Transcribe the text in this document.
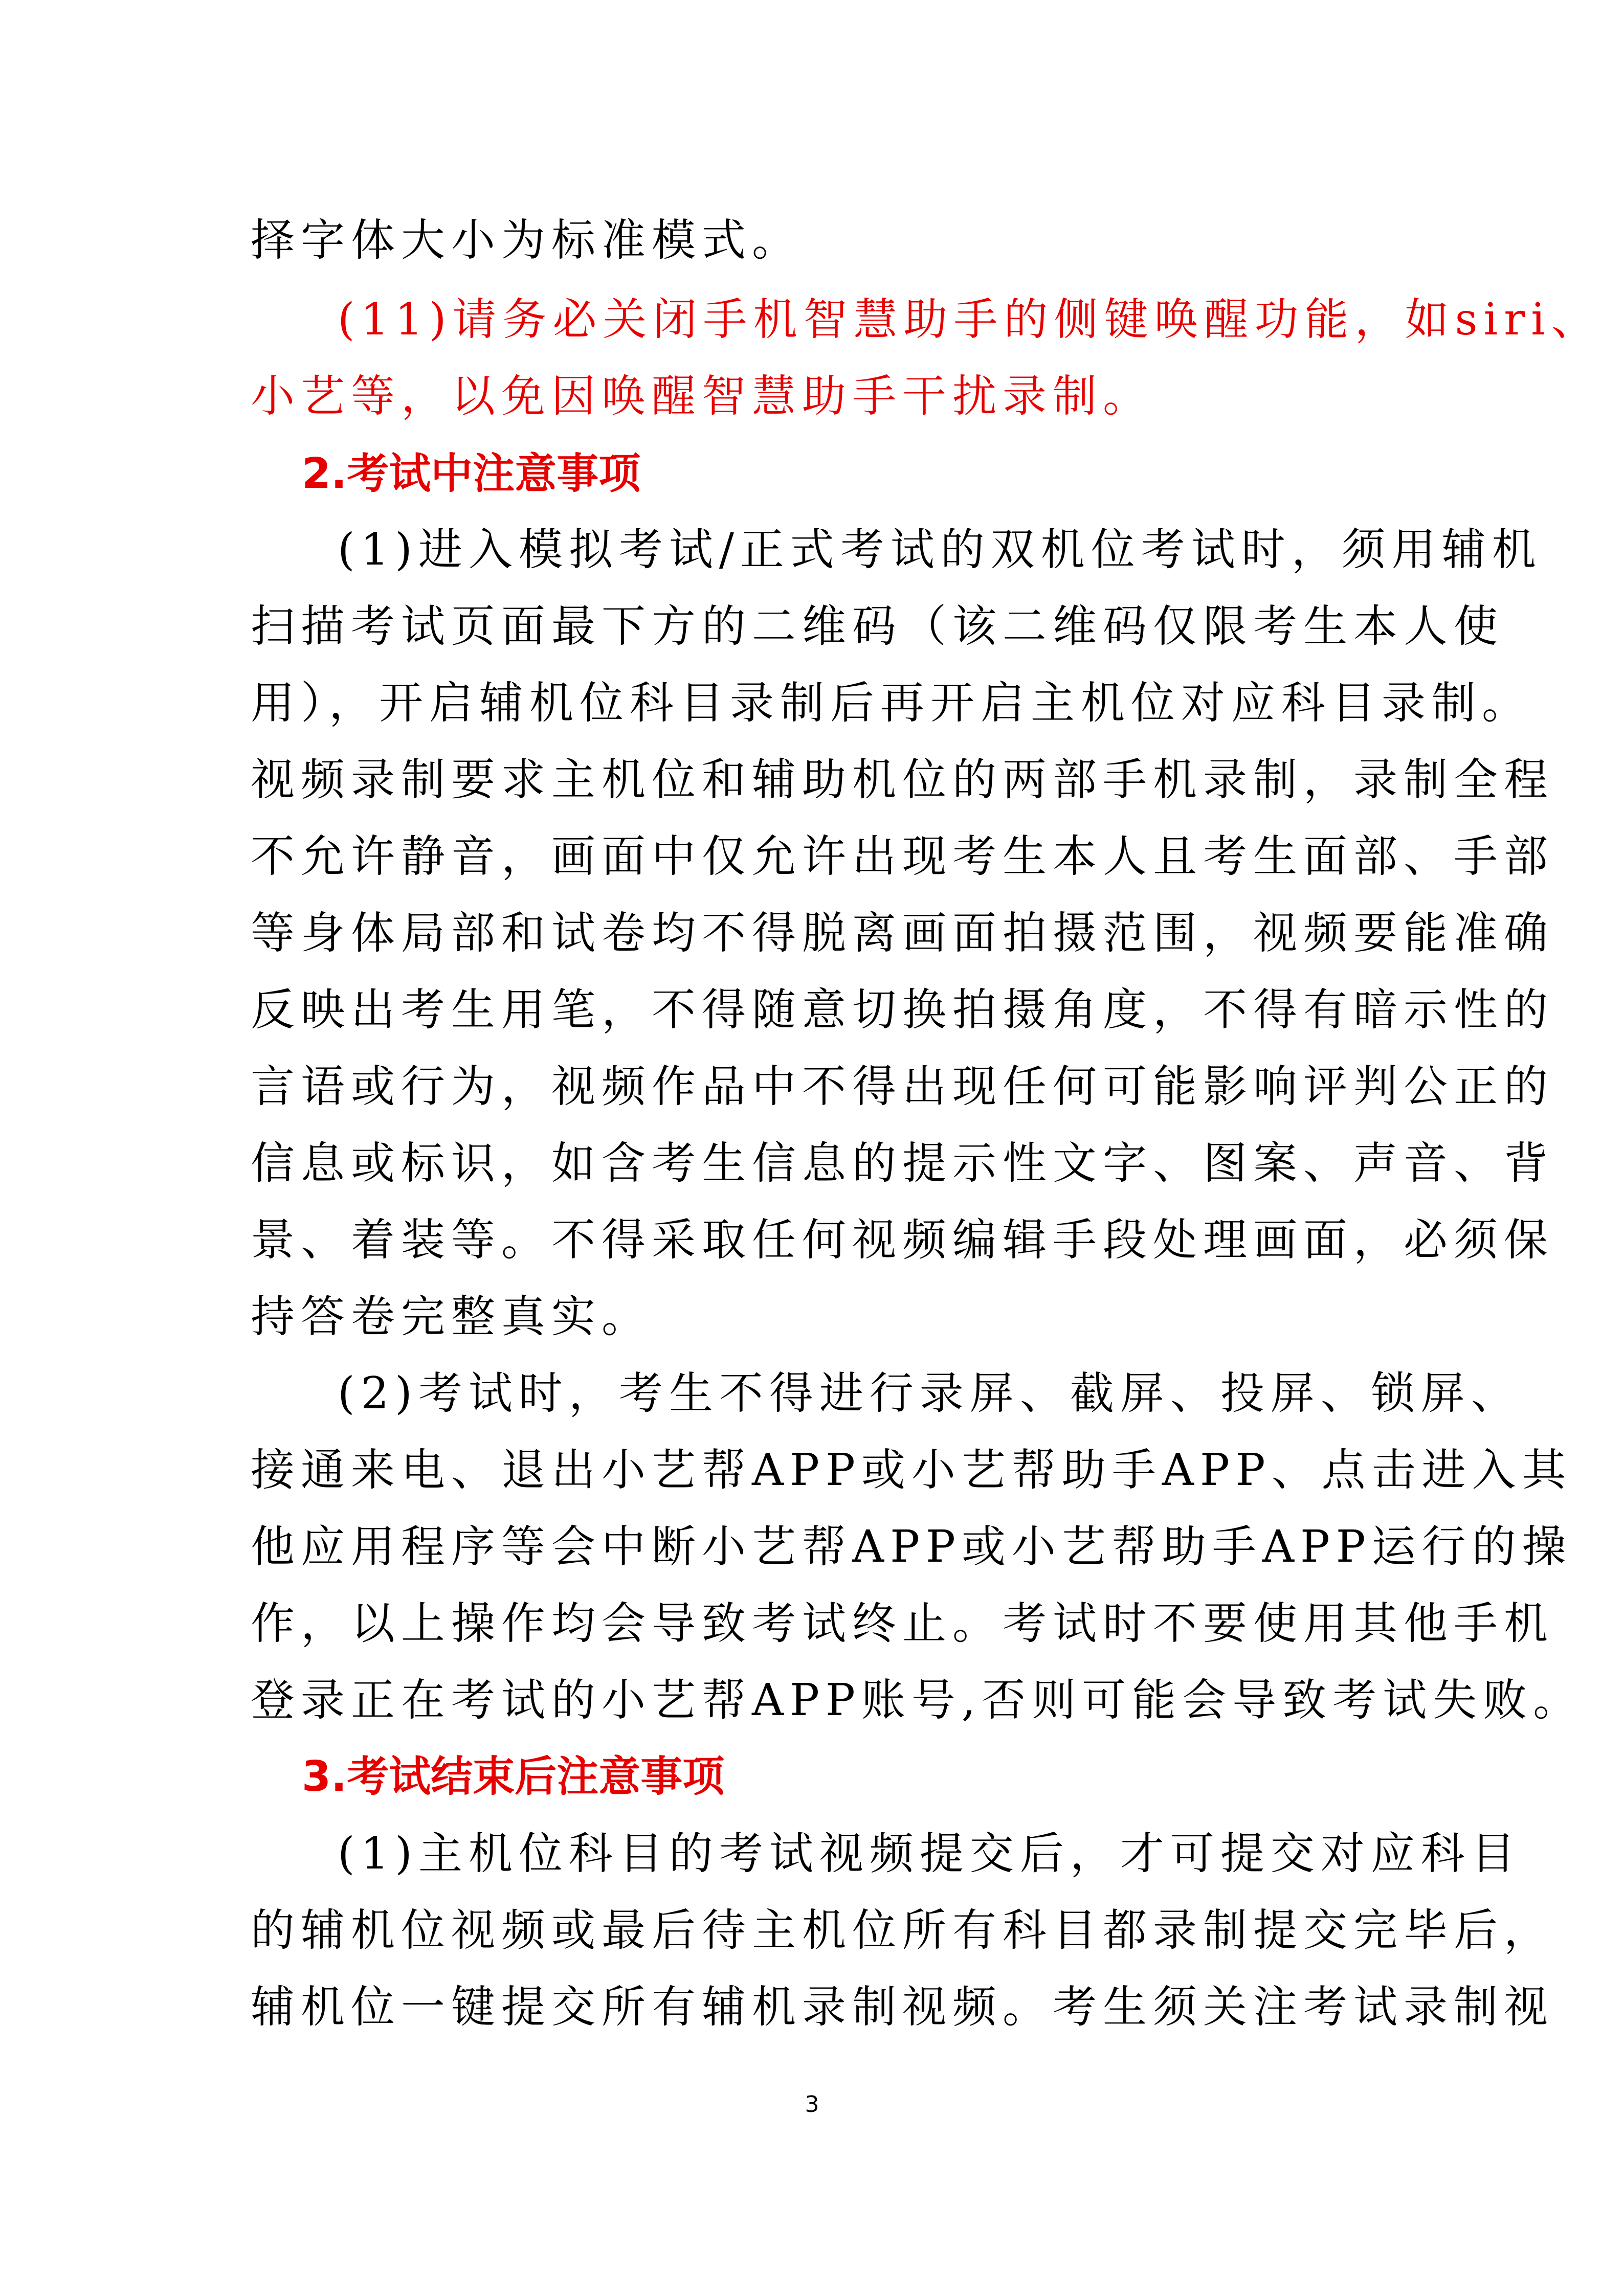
择字体大小为标准模式。
(11)请务必关闭手机智慧助手的侧键唤醒功能，如siri、
小艺等，以免因唤醒智慧助手干扰录制。
2.考试中注意事项
(1)进入模拟考试/正式考试的双机位考试时，须用辅机
扫描考试页面最下方的二维码（该二维码仅限考生本人使
用），开启辅机位科目录制后再开启主机位对应科目录制。
视频录制要求主机位和辅助机位的两部手机录制，录制全程
不允许静音，画面中仅允许出现考生本人且考生面部、手部
等身体局部和试卷均不得脱离画面拍摄范围，视频要能准确
反映出考生用笔，不得随意切换拍摄角度，不得有暗示性的
言语或行为，视频作品中不得出现任何可能影响评判公正的
信息或标识，如含考生信息的提示性文字、图案、声音、背
景、着装等。不得采取任何视频编辑手段处理画面，必须保
持答卷完整真实。
(2)考试时，考生不得进行录屏、截屏、投屏、锁屏、
接通来电、退出小艺帮APP或小艺帮助手APP、点击进入其
他应用程序等会中断小艺帮APP或小艺帮助手APP运行的操
作，以上操作均会导致考试终止。考试时不要使用其他手机
登录正在考试的小艺帮APP账号,否则可能会导致考试失败。
3.考试结束后注意事项
(1)主机位科目的考试视频提交后，才可提交对应科目
的辅机位视频或最后待主机位所有科目都录制提交完毕后，
辅机位一键提交所有辅机录制视频。考生须关注考试录制视
3
